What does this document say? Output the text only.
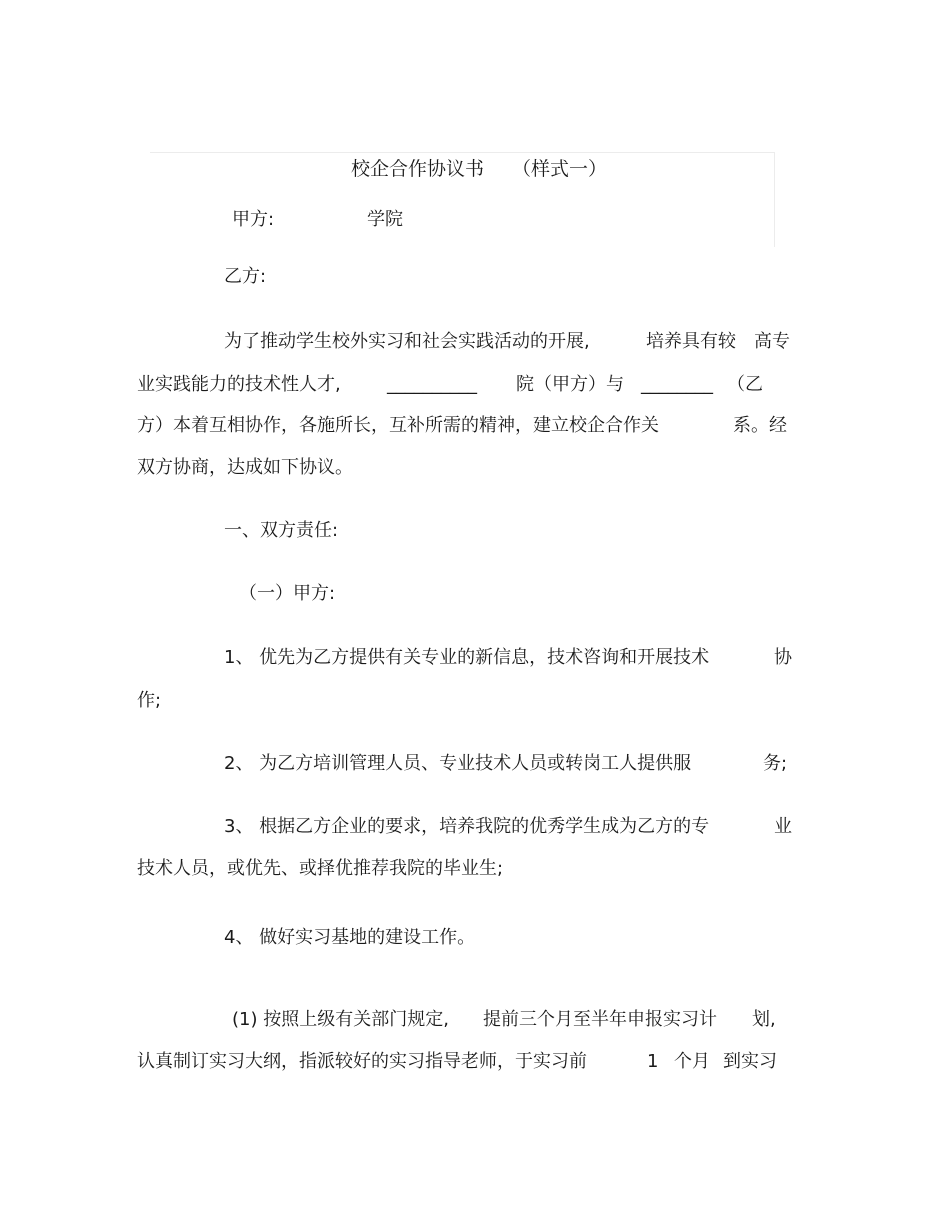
校企合作协议书 （样式一）
甲方:	学院
乙方:
为了推动学生校外实习和社会实践活动的开展,	培养具有较 高专
业实践能力的技术性人才,	__________ 院（甲方）与 ________ （乙
方）本着互相协作，各施所长，互补所需的精神，建立校企合作关	系。经
双方协商，达成如下协议。
一、双方责任:
（一）甲方:
1、 优先为乙方提供有关专业的新信息，技术咨询和开展技术	协
作;
2、 为乙方培训管理人员、专业技术人员或转岗工人提供服	务;
3、 根据乙方企业的要求，培养我院的优秀学生成为乙方的专	业
技术人员，或优先、或择优推荐我院的毕业生;
4、 做好实习基地的建设工作。
(1) 按照上级有关部门规定, 提前三个月至半年申报实习计 划,
认真制订实习大纲，指派较好的实习指导老师，于实习前	1 个月 到实习
